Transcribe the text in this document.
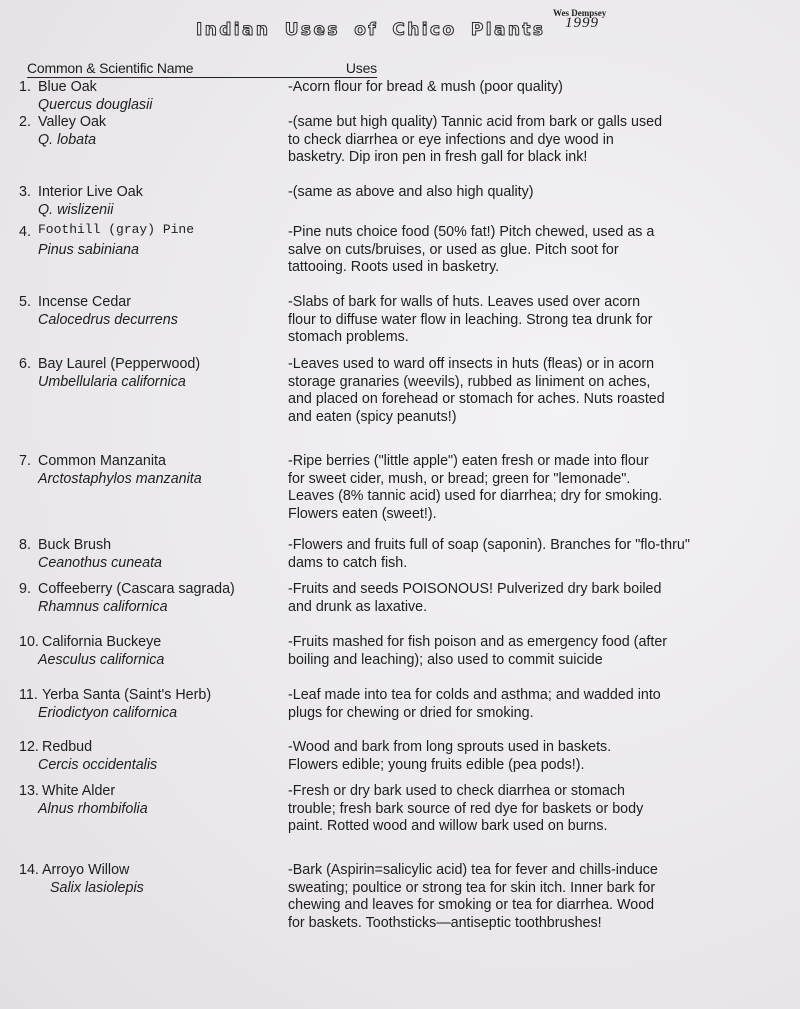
Wes Dempsey
1999
Indian Uses of Chico Plants
Common & Scientific Name	Uses
1. Blue Oak
Quercus douglasii
-Acorn flour for bread & mush (poor quality)
2. Valley Oak
Q. lobata
-(same but high quality) Tannic acid from bark or galls used to check diarrhea or eye infections and dye wood in basketry. Dip iron pen in fresh gall for black ink!
3. Interior Live Oak
Q. wislizenii
-(same as above and also high quality)
4. Foothill (gray) Pine
Pinus sabiniana
-Pine nuts choice food (50% fat!) Pitch chewed, used as a salve on cuts/bruises, or used as glue. Pitch soot for tattooing. Roots used in basketry.
5. Incense Cedar
Calocedrus decurrens
-Slabs of bark for walls of huts. Leaves used over acorn flour to diffuse water flow in leaching. Strong tea drunk for stomach problems.
6. Bay Laurel (Pepperwood)
Umbellularia californica
-Leaves used to ward off insects in huts (fleas) or in acorn storage granaries (weevils), rubbed as liniment on aches, and placed on forehead or stomach for aches. Nuts roasted and eaten (spicy peanuts!)
7. Common Manzanita
Arctostaphylos manzanita
-Ripe berries ("little apple") eaten fresh or made into flour for sweet cider, mush, or bread; green for "lemonade". Leaves (8% tannic acid) used for diarrhea; dry for smoking. Flowers eaten (sweet!).
8. Buck Brush
Ceanothus cuneata
-Flowers and fruits full of soap (saponin). Branches for "flo-thru" dams to catch fish.
9. Coffeeberry (Cascara sagrada)
Rhamnus californica
-Fruits and seeds POISONOUS! Pulverized dry bark boiled and drunk as laxative.
10. California Buckeye
Aesculus californica
-Fruits mashed for fish poison and as emergency food (after boiling and leaching); also used to commit suicide
11. Yerba Santa (Saint's Herb)
Eriodictyon californica
-Leaf made into tea for colds and asthma; and wadded into plugs for chewing or dried for smoking.
12. Redbud
Cercis occidentalis
-Wood and bark from long sprouts used in baskets. Flowers edible; young fruits edible (pea pods!).
13. White Alder
Alnus rhombifolia
-Fresh or dry bark used to check diarrhea or stomach trouble; fresh bark source of red dye for baskets or body paint. Rotted wood and willow bark used on burns.
14. Arroyo Willow
Salix lasiolepis
-Bark (Aspirin=salicylic acid) tea for fever and chills-induce sweating; poultice or strong tea for skin itch. Inner bark for chewing and leaves for smoking or tea for diarrhea. Wood for baskets. Toothsticks—antiseptic toothbrushes!
